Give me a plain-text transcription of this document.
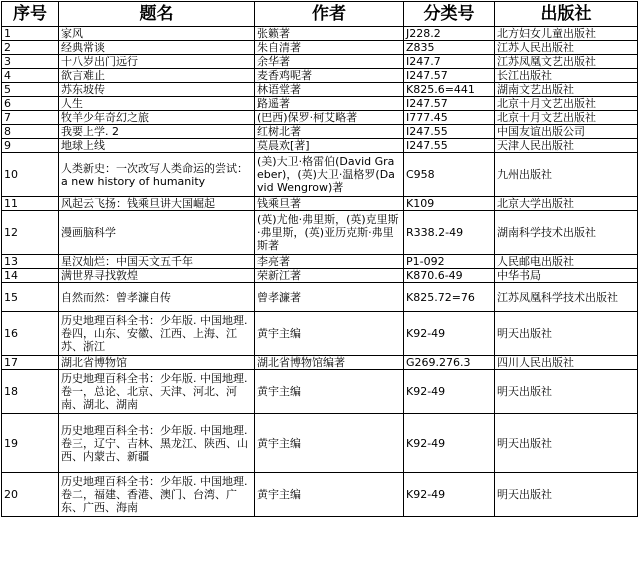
序号	题名	作者	分类号	出版社
1	家风	张籁著	J228.2	北方妇女儿童出版社
2	经典常谈	朱自清著	Z835	江苏人民出版社
3	十八岁出门远行	余华著	I247.7	江苏凤凰文艺出版社
4	欲言难止	麦香鸡呢著	I247.57	长江出版社
5	苏东坡传	林语堂著	K825.6=441	湖南文艺出版社
6	人生	路遥著	I247.57	北京十月文艺出版社
7	牧羊少年奇幻之旅	(巴西)保罗·柯艾略著	I777.45	北京十月文艺出版社
8	我要上学. 2	红树北著	I247.55	中国友谊出版公司
9	地球上线	莫晨欢[著]	I247.55	天津人民出版社
10	人类新史：一次改写人类命运的尝试：a new history of humanity	(美)大卫·格雷伯(David Graeber)，(英)大卫·温格罗(David Wengrow)著	C958	九州出版社
11	风起云飞扬：钱乘旦讲大国崛起	钱乘旦著	K109	北京大学出版社
12	漫画脑科学	(英)尤他·弗里斯，(英)克里斯·弗里斯，(英)亚历克斯·弗里斯著	R338.2-49	湖南科学技术出版社
13	星汉灿烂：中国天文五千年	李亮著	P1-092	人民邮电出版社
14	满世界寻找敦煌	荣新江著	K870.6-49	中华书局
15	自然而然：曾孝濂自传	曾孝濂著	K825.72=76	江苏凤凰科学技术出版社
16	历史地理百科全书：少年版. 中国地理. 卷四，山东、安徽、江西、上海、江苏、浙江	黄宇主编	K92-49	明天出版社
17	湖北省博物馆	湖北省博物馆编著	G269.276.3	四川人民出版社
18	历史地理百科全书：少年版. 中国地理. 卷一，总论、北京、天津、河北、河南、湖北、湖南	黄宇主编	K92-49	明天出版社
19	历史地理百科全书：少年版. 中国地理. 卷三，辽宁、吉林、黑龙江、陕西、山西、内蒙古、新疆	黄宇主编	K92-49	明天出版社
20	历史地理百科全书：少年版. 中国地理. 卷二，福建、香港、澳门、台湾、广东、广西、海南	黄宇主编	K92-49	明天出版社
